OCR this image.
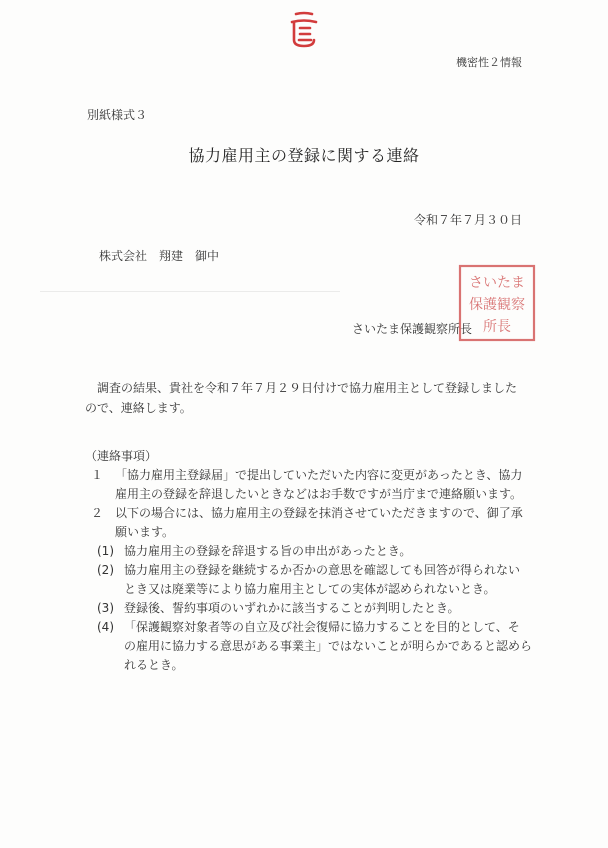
機密性２情報
別紙様式３
協力雇用主の登録に関する連絡
令和７年７月３０日
株式会社　翔建　御中
さいたま保護観察所長
さいたま
保護観察
所長
　調査の結果、貴社を令和７年７月２９日付けで協力雇用主として登録しました
ので、連絡します。
（連絡事項）
１ 「協力雇用主登録届」で提出していただいた内容に変更があったとき、協力
雇用主の登録を辞退したいときなどはお手数ですが当庁まで連絡願います。
２ 以下の場合には、協力雇用主の登録を抹消させていただきますので、御了承
願います。
(1) 協力雇用主の登録を辞退する旨の申出があったとき。
(2) 協力雇用主の登録を継続するか否かの意思を確認しても回答が得られない
とき又は廃業等により協力雇用主としての実体が認められないとき。
(3) 登録後、誓約事項のいずれかに該当することが判明したとき。
(4) 「保護観察対象者等の自立及び社会復帰に協力することを目的として、そ
の雇用に協力する意思がある事業主」ではないことが明らかであると認めら
れるとき。
